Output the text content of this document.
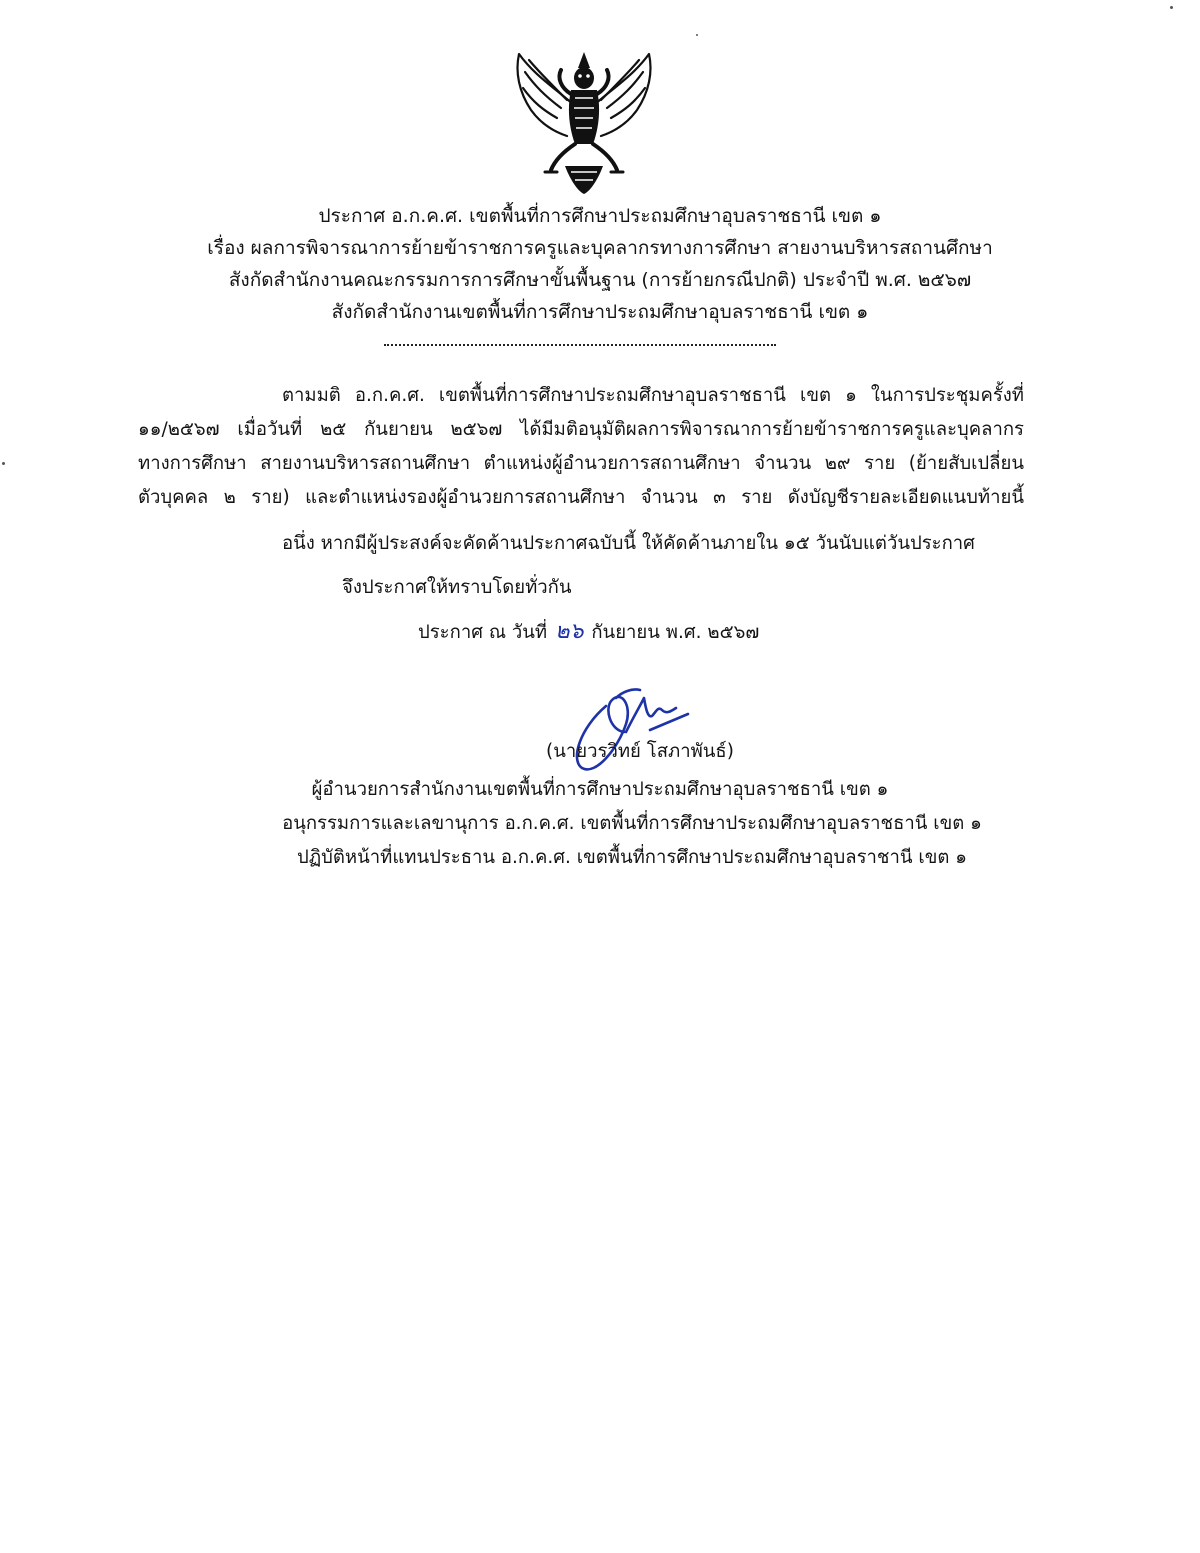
ประกาศ อ.ก.ค.ศ. เขตพื้นที่การศึกษาประถมศึกษาอุบลราชธานี เขต ๑
เรื่อง ผลการพิจารณาการย้ายข้าราชการครูและบุคลากรทางการศึกษา สายงานบริหารสถานศึกษา
สังกัดสำนักงานคณะกรรมการการศึกษาขั้นพื้นฐาน (การย้ายกรณีปกติ) ประจำปี พ.ศ. ๒๕๖๗
สังกัดสำนักงานเขตพื้นที่การศึกษาประถมศึกษาอุบลราชธานี เขต ๑
ตามมติ อ.ก.ค.ศ. เขตพื้นที่การศึกษาประถมศึกษาอุบลราชธานี เขต ๑ ในการประชุมครั้งที่
๑๑/๒๕๖๗ เมื่อวันที่ ๒๕ กันยายน ๒๕๖๗ ได้มีมติอนุมัติผลการพิจารณาการย้ายข้าราชการครูและบุคลากร
ทางการศึกษา สายงานบริหารสถานศึกษา ตำแหน่งผู้อำนวยการสถานศึกษา จำนวน ๒๙ ราย (ย้ายสับเปลี่ยน
ตัวบุคคล ๒ ราย) และตำแหน่งรองผู้อำนวยการสถานศึกษา จำนวน ๓ ราย ดังบัญชีรายละเอียดแนบท้ายนี้
อนึ่ง หากมีผู้ประสงค์จะคัดค้านประกาศฉบับนี้ ให้คัดค้านภายใน ๑๕ วันนับแต่วันประกาศ
จึงประกาศให้ทราบโดยทั่วกัน
ประกาศ ณ วันที่ ๒๖ กันยายน พ.ศ. ๒๕๖๗
(นายวรวิทย์ โสภาพันธ์)
ผู้อำนวยการสำนักงานเขตพื้นที่การศึกษาประถมศึกษาอุบลราชธานี เขต ๑
อนุกรรมการและเลขานุการ อ.ก.ค.ศ. เขตพื้นที่การศึกษาประถมศึกษาอุบลราชธานี เขต ๑
ปฏิบัติหน้าที่แทนประธาน อ.ก.ค.ศ. เขตพื้นที่การศึกษาประถมศึกษาอุบลราชานี เขต ๑
